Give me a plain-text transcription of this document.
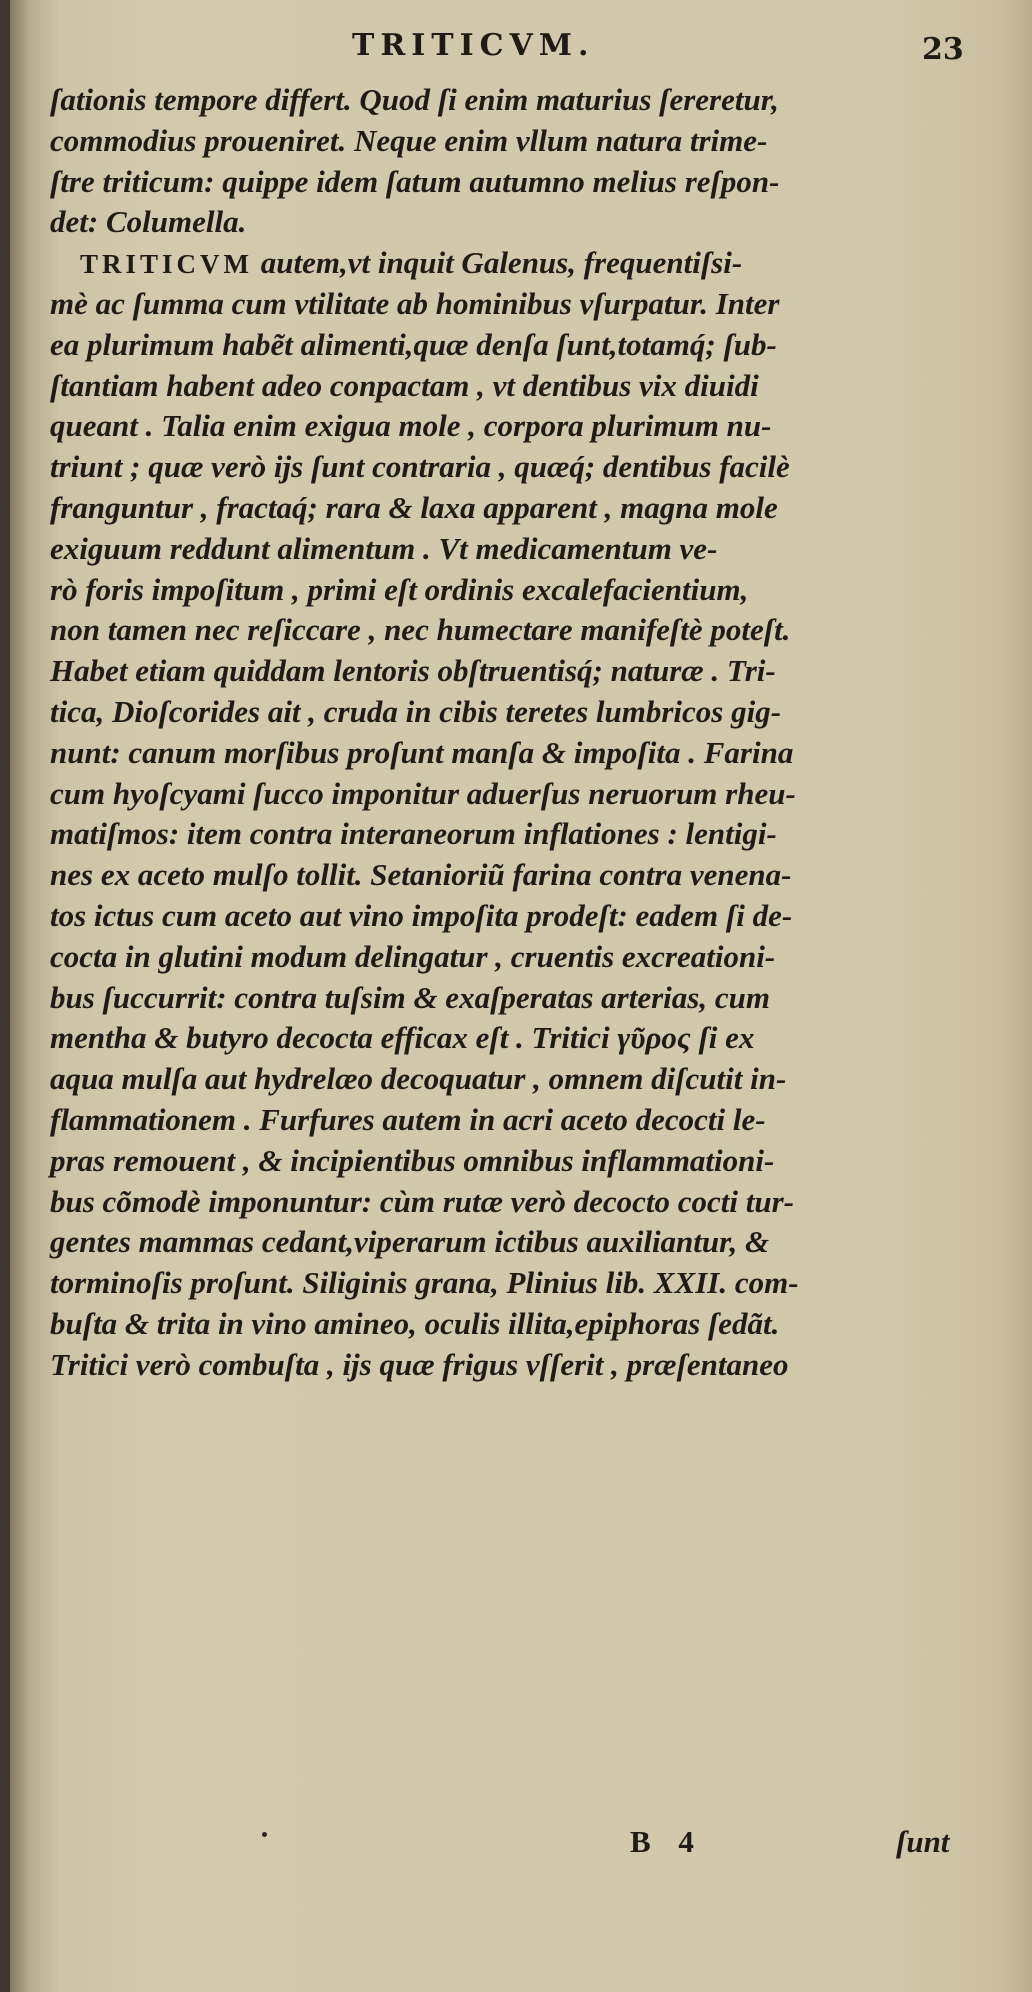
TRITICVM.	23
ſationis tempore differt. Quod ſi enim maturius ſereretur,
commodius proueniret. Neque enim vllum natura trime-
ſtre triticum: quippe idem ſatum autumno melius reſpon-
det: Columella.
TRITICVM autem,vt inquit Galenus, frequentiſsi-
mè ac ſumma cum vtilitate ab hominibus vſurpatur. Inter
ea plurimum habẽt alimenti,quæ denſa ſunt,totamq́; ſub-
ſtantiam habent adeo conpactam , vt dentibus vix diuidi
queant . Talia enim exigua mole , corpora plurimum nu-
triunt ; quæ verò ijs ſunt contraria , quæq́; dentibus facilè
franguntur , fractaq́; rara & laxa apparent , magna mole
exiguum reddunt alimentum . Vt medicamentum ve-
rò foris impoſitum , primi eſt ordinis excalefacientium,
non tamen nec reſiccare , nec humectare manifeſtè poteſt.
Habet etiam quiddam lentoris obſtruentisq́; naturæ . Tri-
tica, Dioſcorides ait , cruda in cibis teretes lumbricos gig-
nunt: canum morſibus proſunt manſa & impoſita . Farina
cum hyoſcyami ſucco imponitur aduerſus neruorum rheu-
matiſmos: item contra interaneorum inflationes : lentigi-
nes ex aceto mulſo tollit. Setanioriũ farina contra venena-
tos ictus cum aceto aut vino impoſita prodeſt: eadem ſi de-
cocta in glutini modum delingatur , cruentis excreationi-
bus ſuccurrit: contra tuſsim & exaſperatas arterias, cum
mentha & butyro decocta efficax eſt . Tritici γῦρος ſi ex
aqua mulſa aut hydrelæo decoquatur , omnem diſcutit in-
flammationem . Furfures autem in acri aceto decocti le-
pras remouent , & incipientibus omnibus inflammationi-
bus cõmodè imponuntur: cùm rutæ verò decocto cocti tur-
gentes mammas cedant,viperarum ictibus auxiliantur, &
torminoſis proſunt. Siliginis grana, Plinius lib. XXII. com-
buſta & trita in vino amineo, oculis illita,epiphoras ſedãt.
Tritici verò combuſta , ijs quæ frigus vſſerit , præſentaneo
B 4	ſunt
